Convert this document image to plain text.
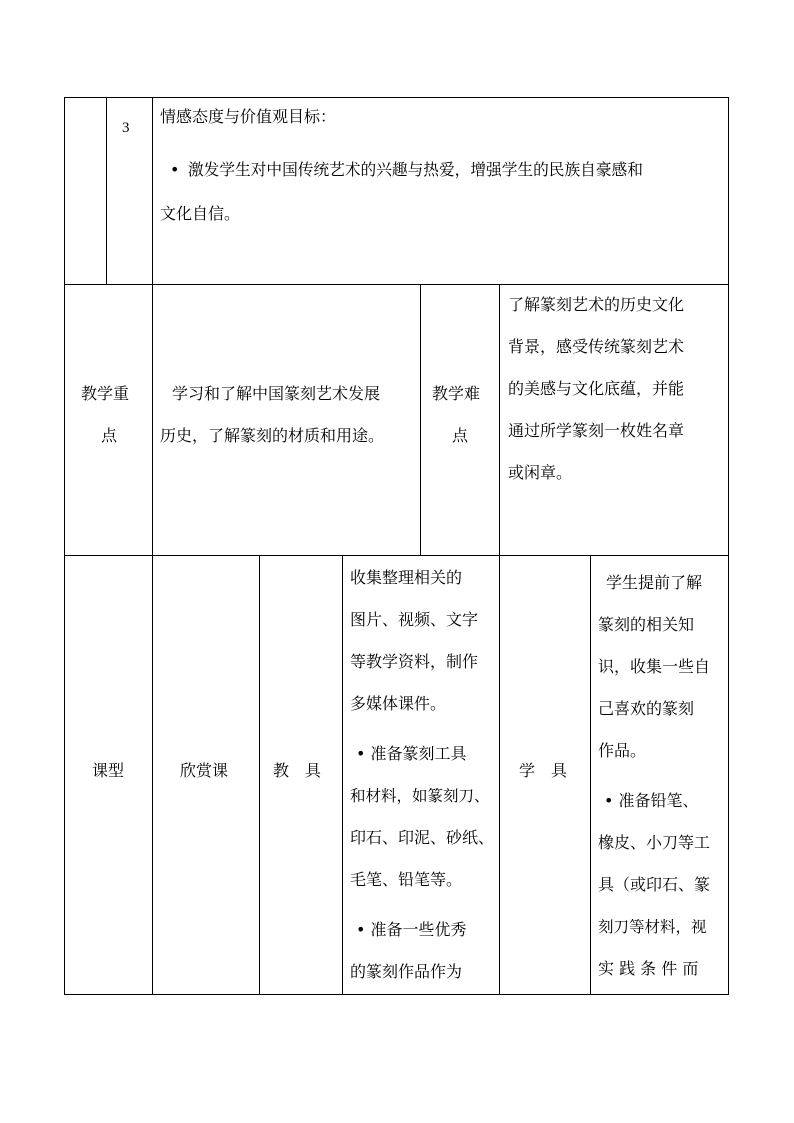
3
情感态度与价值观目标：
• 激发学生对中国传统艺术的兴趣与热爱，增强学生的民族自豪感和
文化自信。
教学重
点
学习和了解中国篆刻艺术发展
历史，了解篆刻的材质和用途。
教学难
点
了解篆刻艺术的历史文化
背景，感受传统篆刻艺术
的美感与文化底蕴，并能
通过所学篆刻一枚姓名章
或闲章。
课型	欣赏课	教　具
收集整理相关的
图片、视频、文字
等教学资料，制作
多媒体课件。
• 准备篆刻工具
和材料，如篆刻刀、
印石、印泥、砂纸、
毛笔、铅笔等。
• 准备一些优秀
的篆刻作品作为
学　具
学生提前了解
篆刻的相关知
识，收集一些自
己喜欢的篆刻
作品。
• 准备铅笔、
橡皮、小刀等工
具（或印石、篆
刻刀等材料，视
实 践 条 件 而
